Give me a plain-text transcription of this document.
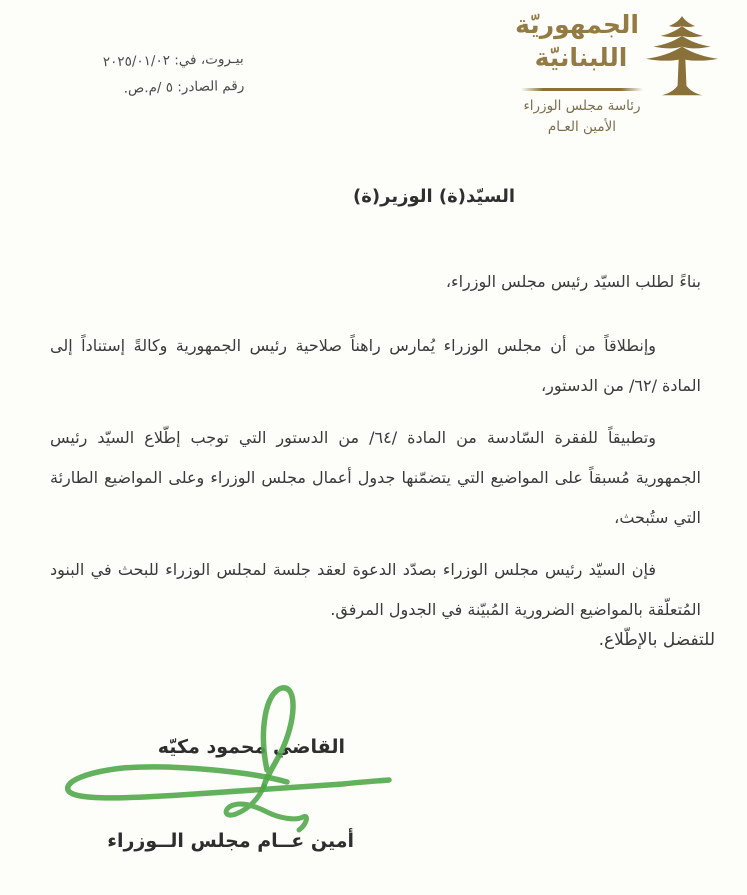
بيـروت، في: ٢٠٢٥/٠١/٠٢
رقم الصادر: ٥ /م.ص.
الجمهوريّة
اللبنانيّة
رئاسة مجلس الوزراء
الأمين العـام
السيّد(ة) الوزير(ة)

بناءً لطلب السيّد رئيس مجلس الوزراء،

وإنطلاقاً من أن مجلس الوزراء يُمارس راهناً صلاحية رئيس الجمهورية وكالةً إستناداً إلى المادة /٦٢/ من الدستور،

وتطبيقاً للفقرة السّادسة من المادة /٦٤/ من الدستور التي توجب إطّلاع السيّد رئيس الجمهورية مُسبقاً على المواضيع التي يتضمّنها جدول أعمال مجلس الوزراء وعلى المواضيع الطارئة التي ستُبحث،

فإن السيّد رئيس مجلس الوزراء بصدّد الدعوة لعقد جلسة لمجلس الوزراء للبحث في البنود المُتعلّقة بالمواضيع الضرورية المُبيّنة في الجدول المرفق.

للتفضل بالإطّلاع.
القاضي محمود مكيّه
أمين عــام مجلس الــوزراء
